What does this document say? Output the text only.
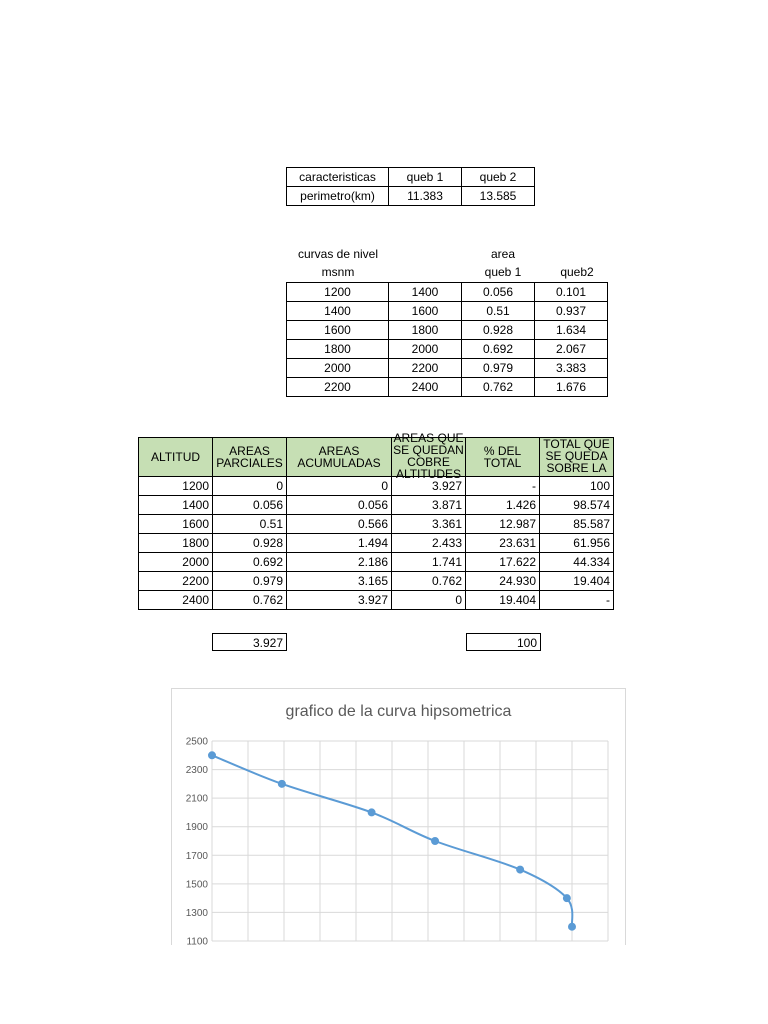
caracteristicas	queb 1	queb 2
perimetro(km)	11.383	13.585
curvas de nivel
msnm
area
queb 1	queb2
1200	1400	0.056	0.101
1400	1600	0.51	0.937
1600	1800	0.928	1.634
1800	2000	0.692	2.067
2000	2200	0.979	3.383
2200	2400	0.762	1.676
ALTITUD	AREAS PARCIALES	AREAS ACUMULADAS	AREAS QUE SE QUEDAN COBRE ALTITUDES	% DEL TOTAL	TOTAL QUE SE QUEDA SOBRE LA

1200	0	0	3.927	-	100
1400	0.056	0.056	3.871	1.426	98.574
1600	0.51	0.566	3.361	12.987	85.587
1800	0.928	1.494	2.433	23.631	61.956
2000	0.692	2.186	1.741	17.622	44.334
2200	0.979	3.165	0.762	24.930	19.404
2400	0.762	3.927	0	19.404	-
3.927	100
grafico de la curva hipsometrica
1100
1300
1500
1700
1900
2100
2300
2500
